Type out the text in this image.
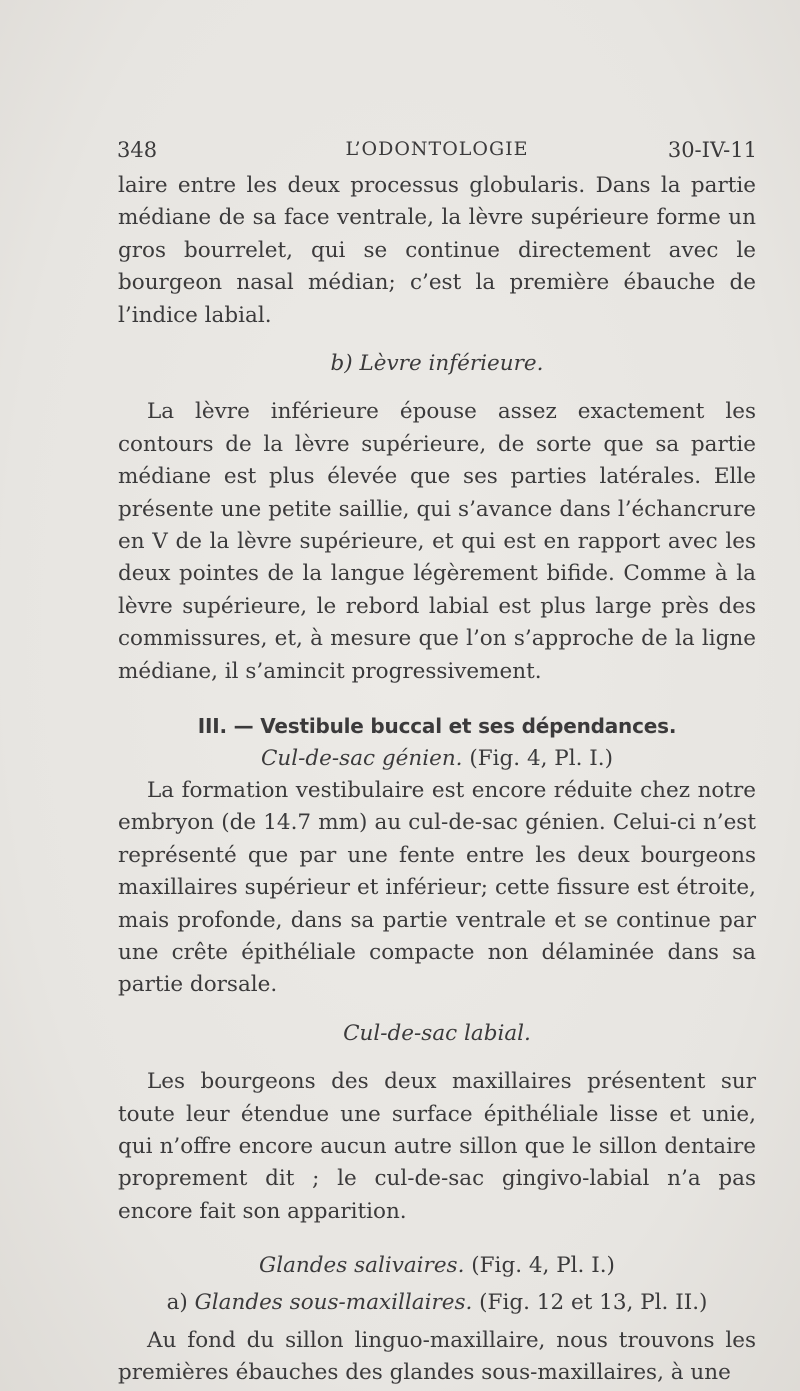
348	L’ODONTOLOGIE	30-IV-11

laire entre les deux processus globularis. Dans la partie médiane de sa face ventrale, la lèvre supérieure forme un gros bourrelet, qui se continue directement avec le bourgeon nasal médian; c’est la première ébauche de l’indice labial.

b) Lèvre inférieure.

La lèvre inférieure épouse assez exactement les contours de la lèvre supérieure, de sorte que sa partie médiane est plus élevée que ses parties latérales. Elle présente une petite saillie, qui s’avance dans l’échancrure en V de la lèvre supérieure, et qui est en rapport avec les deux pointes de la langue légèrement bifide. Comme à la lèvre supérieure, le rebord labial est plus large près des commissures, et, à mesure que l’on s’approche de la ligne médiane, il s’amincit progressivement.

III. — Vestibule buccal et ses dépendances.

Cul-de-sac génien. (Fig. 4, Pl. I.)

La formation vestibulaire est encore réduite chez notre embryon (de 14.7 mm) au cul-de-sac génien. Celui-ci n’est représenté que par une fente entre les deux bourgeons maxillaires supérieur et inférieur; cette fissure est étroite, mais profonde, dans sa partie ventrale et se continue par une crête épithéliale compacte non délaminée dans sa partie dorsale.

Cul-de-sac labial.

Les bourgeons des deux maxillaires présentent sur toute leur étendue une surface épithéliale lisse et unie, qui n’offre encore aucun autre sillon que le sillon dentaire proprement dit ; le cul-de-sac gingivo-labial n’a pas encore fait son apparition.

Glandes salivaires. (Fig. 4, Pl. I.)

a) Glandes sous-maxillaires. (Fig. 12 et 13, Pl. II.)

Au fond du sillon linguo-maxillaire, nous trouvons les premières ébauches des glandes sous-maxillaires, à une
